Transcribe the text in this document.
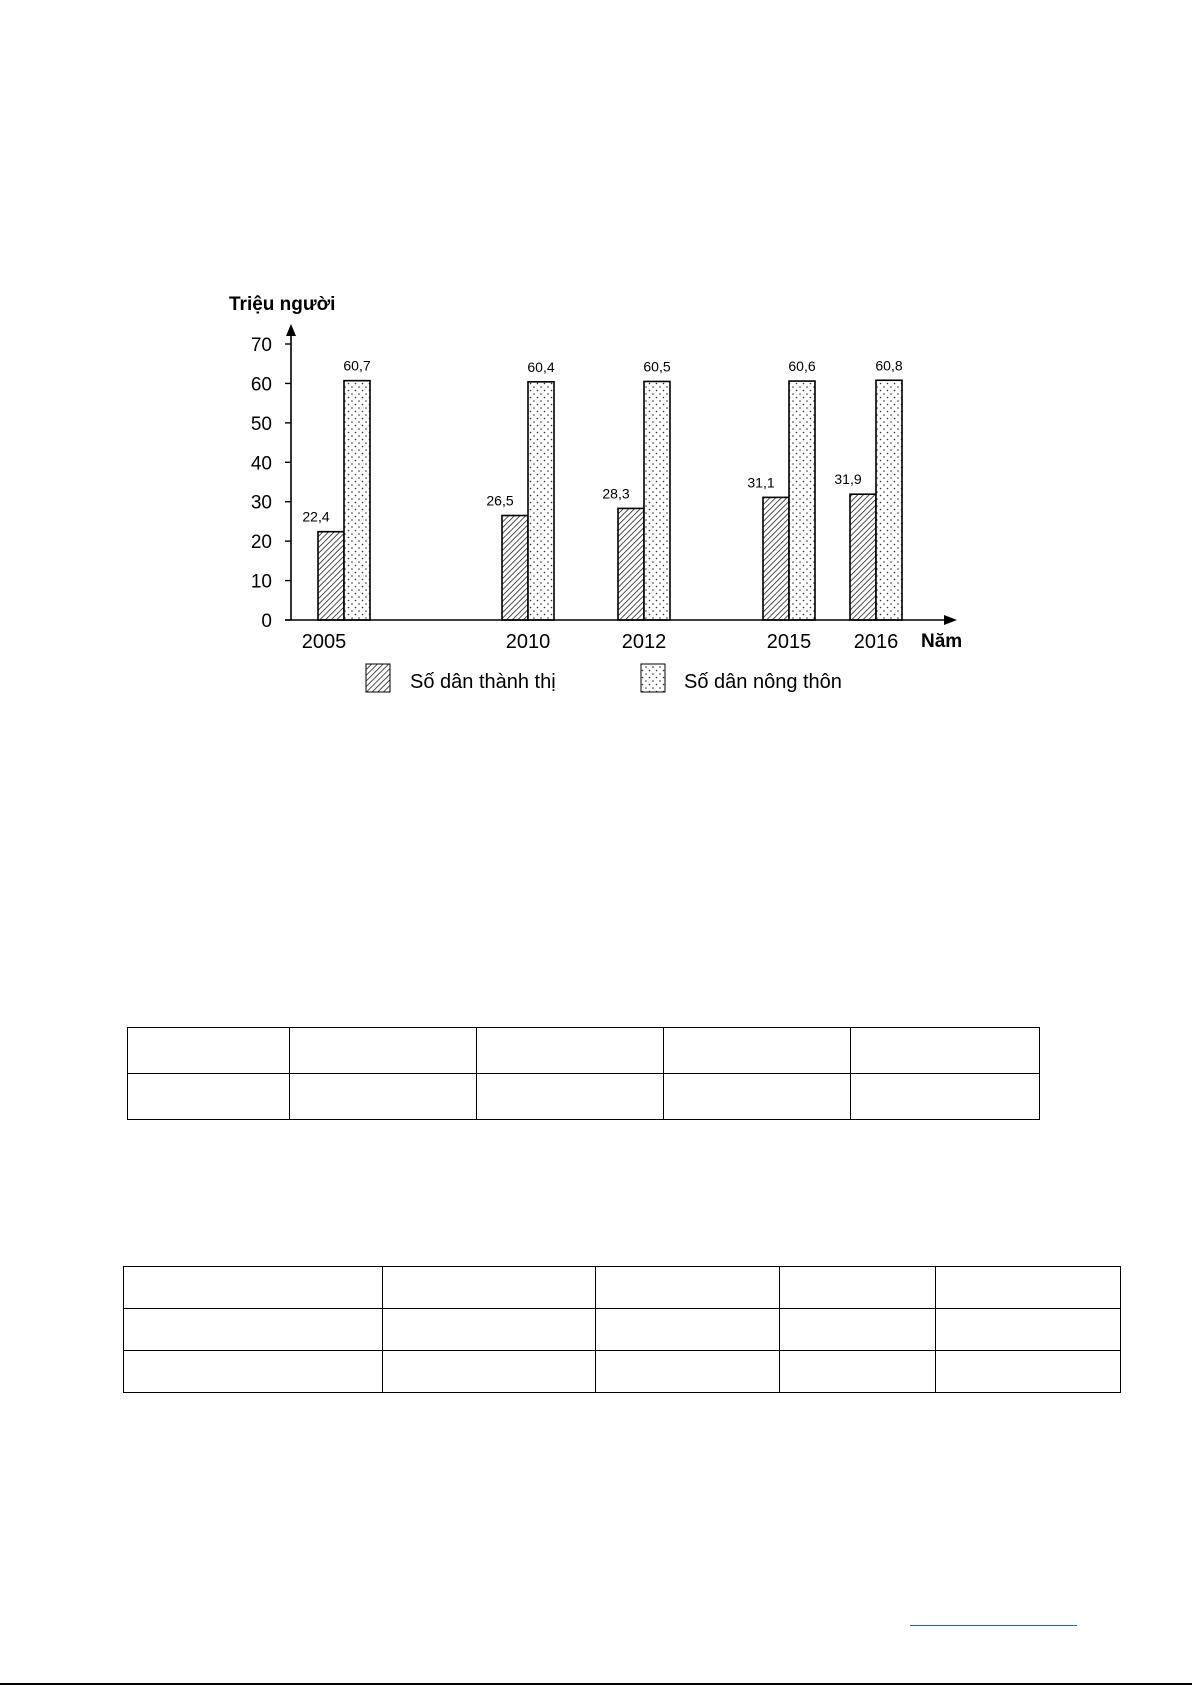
Triệu người
0
10
20
30
40
50
60
70
22,4
60,7
26,5
60,4
28,3
60,5
31,1
60,6
31,9
60,8
2005	2010	2012	2015 2016 Năm
Số dân thành thị	Số dân nông thôn
